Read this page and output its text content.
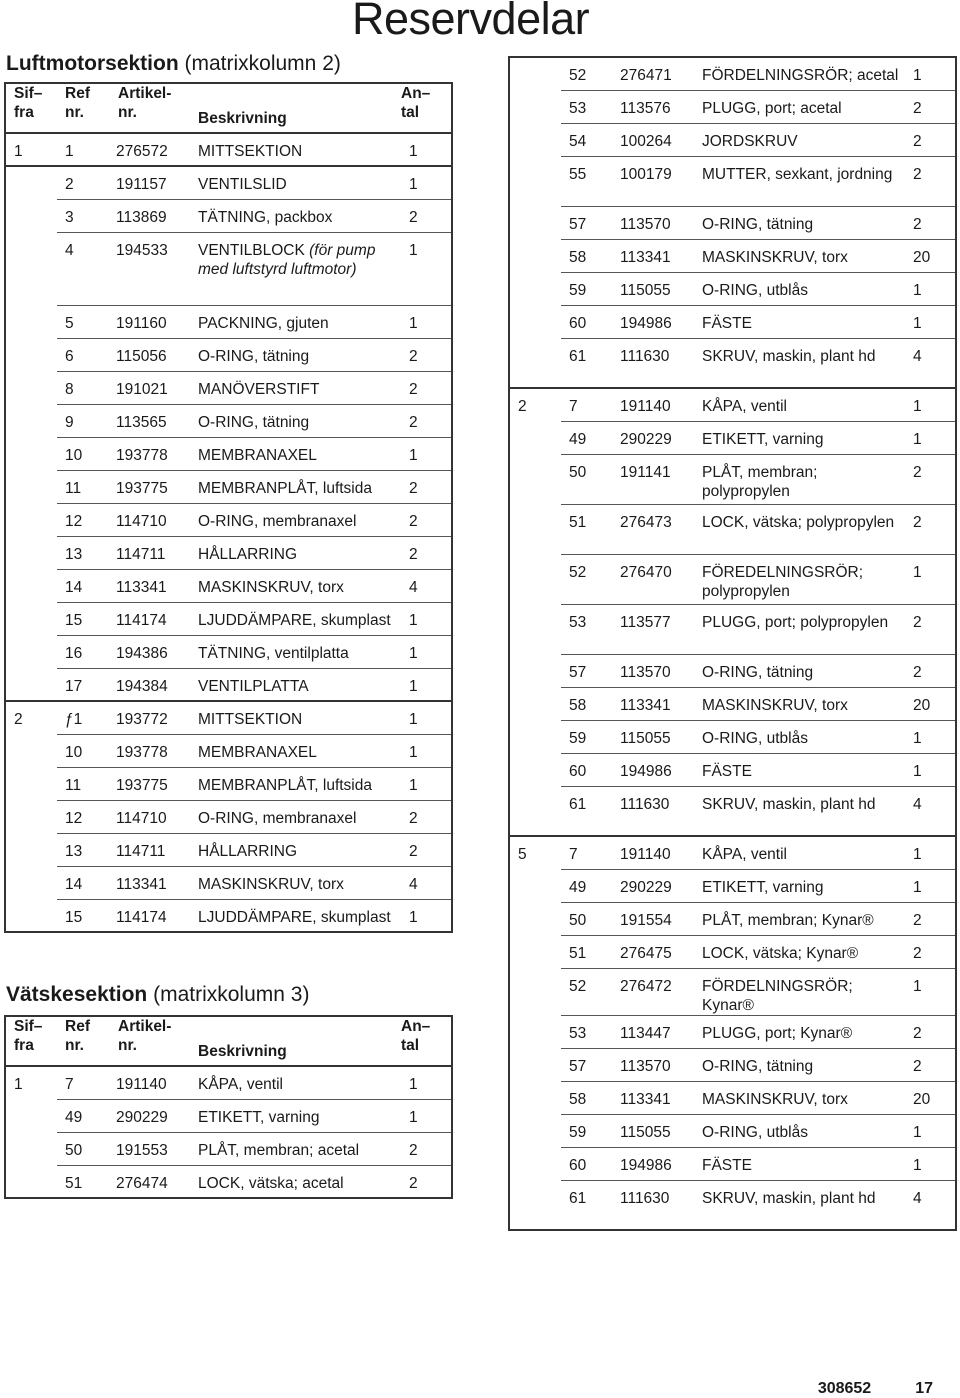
Reservdelar
Luftmotorsektion (matrixkolumn 2)
Sif– fra	Ref nr.	Artikel- nr.	Beskrivning	An– tal
1	1	276572	MITTSEKTION	1
	2	191157	VENTILSLID	1
	3	113869	TÄTNING, packbox	2
	4	194533	VENTILBLOCK (för pump med luftstyrd luftmotor)	1
	5	191160	PACKNING, gjuten	1
	6	115056	O-RING, tätning	2
	8	191021	MANÖVERSTIFT	2
	9	113565	O-RING, tätning	2
	10	193778	MEMBRANAXEL	1
	11	193775	MEMBRANPLÅT, luftsida	2
	12	114710	O-RING, membranaxel	2
	13	114711	HÅLLARRING	2
	14	113341	MASKINSKRUV, torx	4
	15	114174	LJUDDÄMPARE, skumplast	1
	16	194386	TÄTNING, ventilplatta	1
	17	194384	VENTILPLATTA	1
2	ƒ1	193772	MITTSEKTION	1
	10	193778	MEMBRANAXEL	1
	11	193775	MEMBRANPLÅT, luftsida	1
	12	114710	O-RING, membranaxel	2
	13	114711	HÅLLARRING	2
	14	113341	MASKINSKRUV, torx	4
	15	114174	LJUDDÄMPARE, skumplast	1
Vätskesektion (matrixkolumn 3)
Sif– fra	Ref nr.	Artikel- nr.	Beskrivning	An– tal
1	7	191140	KÅPA, ventil	1
	49	290229	ETIKETT, varning	1
	50	191553	PLÅT, membran; acetal	2
	51	276474	LOCK, vätska; acetal	2
	52	276471	FÖRDELNINGSRÖR; acetal	1
	53	113576	PLUGG, port; acetal	2
	54	100264	JORDSKRUV	2
	55	100179	MUTTER, sexkant, jordning	2
	57	113570	O-RING, tätning	2
	58	113341	MASKINSKRUV, torx	20
	59	115055	O-RING, utblås	1
	60	194986	FÄSTE	1
	61	111630	SKRUV, maskin, plant hd	4
2	7	191140	KÅPA, ventil	1
	49	290229	ETIKETT, varning	1
	50	191141	PLÅT, membran; polypropylen	2
	51	276473	LOCK, vätska; polypropylen	2
	52	276470	FÖREDELNINGSRÖR; polypropylen	1
	53	113577	PLUGG, port; polypropylen	2
	57	113570	O-RING, tätning	2
	58	113341	MASKINSKRUV, torx	20
	59	115055	O-RING, utblås	1
	60	194986	FÄSTE	1
	61	111630	SKRUV, maskin, plant hd	4
5	7	191140	KÅPA, ventil	1
	49	290229	ETIKETT, varning	1
	50	191554	PLÅT, membran; Kynar®	2
	51	276475	LOCK, vätska; Kynar®	2
	52	276472	FÖRDELNINGSRÖR; Kynar®	1
	53	113447	PLUGG, port; Kynar®	2
	57	113570	O-RING, tätning	2
	58	113341	MASKINSKRUV, torx	20
	59	115055	O-RING, utblås	1
	60	194986	FÄSTE	1
	61	111630	SKRUV, maskin, plant hd	4
308652	17
